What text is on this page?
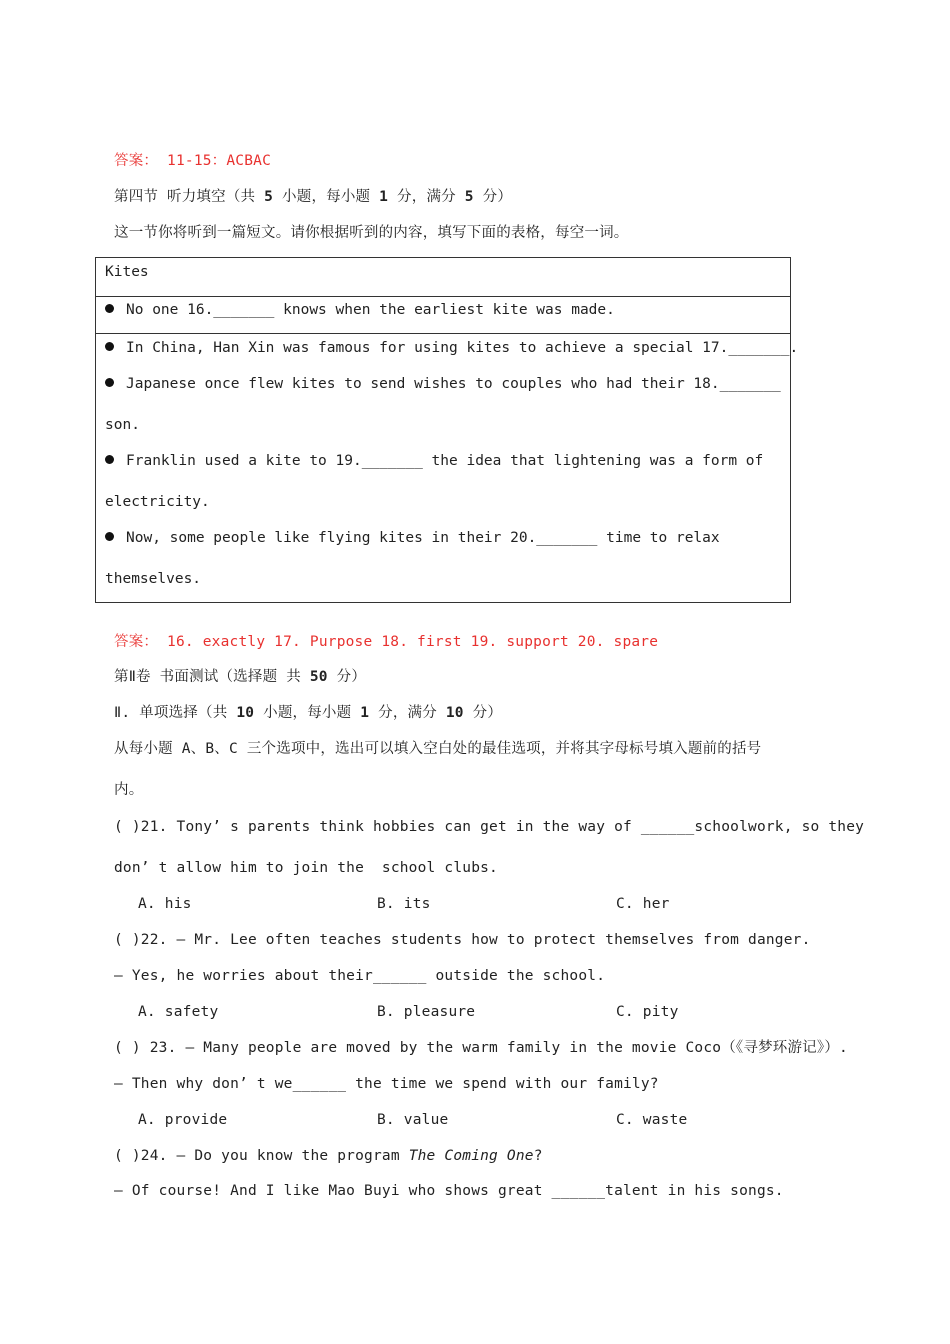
答案： 11-15：ACBAC
第四节 听力填空（共 5 小题，每小题 1 分，满分 5 分）
这一节你将听到一篇短文。请你根据听到的内容，填写下面的表格，每空一词。
Kites
No one 16._______ knows when the earliest kite was made.
In China, Han Xin was famous for using kites to achieve a special 17._______.
Japanese once flew kites to send wishes to couples who had their 18._______
son.
Franklin used a kite to 19._______ the idea that lightening was a form of
electricity.
Now, some people like flying kites in their 20._______ time to relax
themselves.
答案： 16. exactly 17. Purpose 18. first 19. support 20. spare
第Ⅱ卷 书面测试（选择题 共 50 分）
Ⅱ. 单项选择（共 10 小题，每小题 1 分，满分 10 分）
从每小题 A、B、C 三个选项中，选出可以填入空白处的最佳选项，并将其字母标号填入题前的括号
内。
( )21. Tony’ s parents think hobbies can get in the way of ______schoolwork, so they
don’ t allow him to join the  school clubs.
A. his	B. its	C. her
( )22. — Mr. Lee often teaches students how to protect themselves from danger.
— Yes, he worries about their______ outside the school.
A. safety	B. pleasure	C. pity
( ) 23. — Many people are moved by the warm family in the movie Coco（《寻梦环游记》）.
— Then why don’ t we______ the time we spend with our family?
A. provide	B. value	C. waste
( )24. — Do you know the program The Coming One?
— Of course! And I like Mao Buyi who shows great ______talent in his songs.
